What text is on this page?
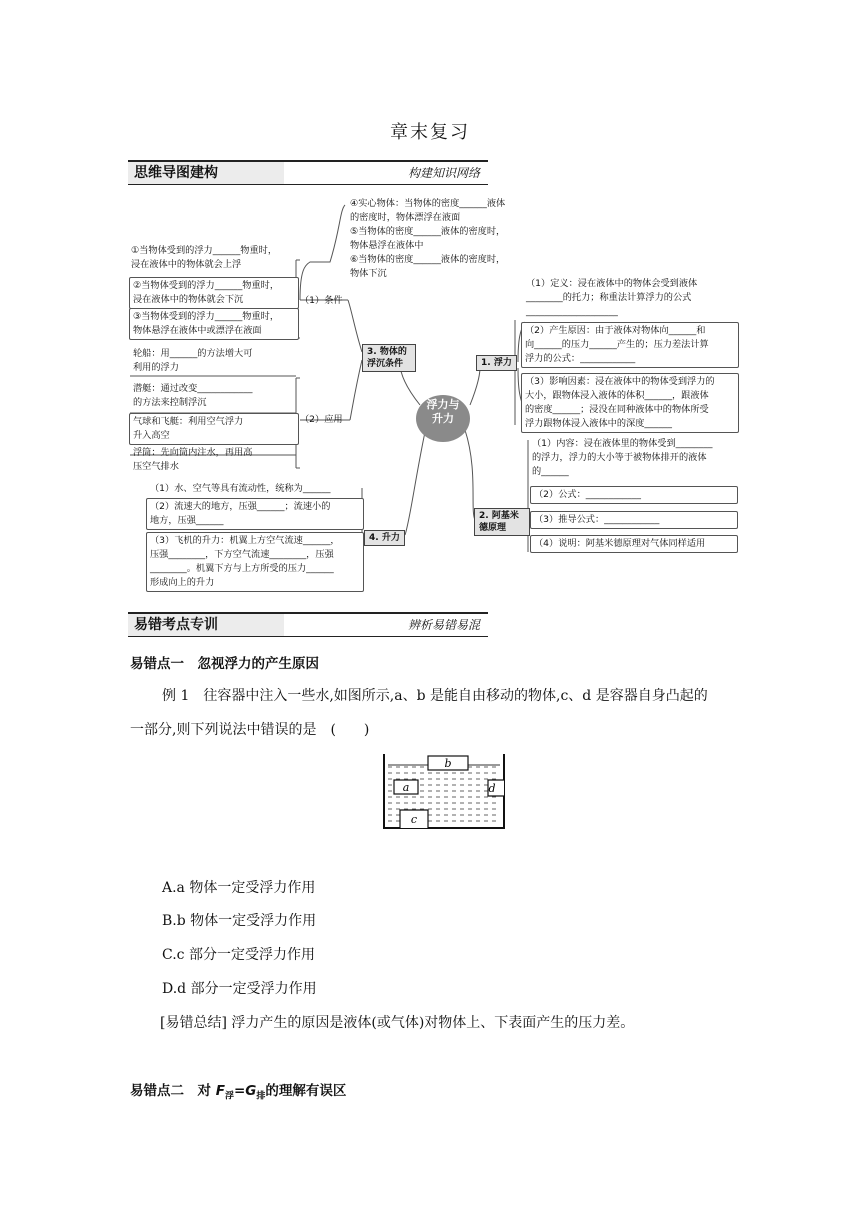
章末复习
思维导图建构	构建知识网络
④实心物体：当物体的密度______液体
的密度时，物体漂浮在液面
⑤当物体的密度______液体的密度时，
物体悬浮在液体中
⑥当物体的密度______液体的密度时，
物体下沉
①当物体受到的浮力______物重时，
浸在液体中的物体就会上浮
②当物体受到的浮力______物重时，
浸在液体中的物体就会下沉
③当物体受到的浮力______物重时，
物体悬浮在液体中或漂浮在液面
（1）条件
轮船：用______的方法增大可
利用的浮力
潜艇：通过改变____________
的方法来控制浮沉
气球和飞艇：利用空气浮力
升入高空
浮筒：先向筒内注水，再用高
压空气排水
（2）应用
3. 物体的
浮沉条件
浮力与
升力
1. 浮力
2. 阿基米
德原理
4. 升力
（1）定义：浸在液体中的物体会受到液体
________的托力；称重法计算浮力的公式
____________________
（2）产生原因：由于液体对物体向______和
向______的压力______产生的；压力差法计算
浮力的公式：____________
（3）影响因素：浸在液体中的物体受到浮力的
大小，跟物体浸入液体的体积______，跟液体
的密度______；浸没在同种液体中的物体所受
浮力跟物体浸入液体中的深度______
（1）内容：浸在液体里的物体受到________
的浮力，浮力的大小等于被物体排开的液体
的______
（2）公式：____________
（3）推导公式：____________
（4）说明：阿基米德原理对气体同样适用
（1）水、空气等具有流动性，统称为______
（2）流速大的地方，压强______；流速小的
地方，压强______
（3）飞机的升力：机翼上方空气流速______，
压强________，下方空气流速________，压强
________。机翼下方与上方所受的压力______
形成向上的升力
易错考点专训	辨析易错易混
易错点一　忽视浮力的产生原因
例 1　往容器中注入一些水,如图所示,a、b 是能自由移动的物体,c、d 是容器自身凸起的
一部分,则下列说法中错误的是　(　　)
b
a	d
c
A.a 物体一定受浮力作用
B.b 物体一定受浮力作用
C.c 部分一定受浮力作用
D.d 部分一定受浮力作用
[易错总结] 浮力产生的原因是液体(或气体)对物体上、下表面产生的压力差。
易错点二　对 $F_浮=G_排$的理解有误区
